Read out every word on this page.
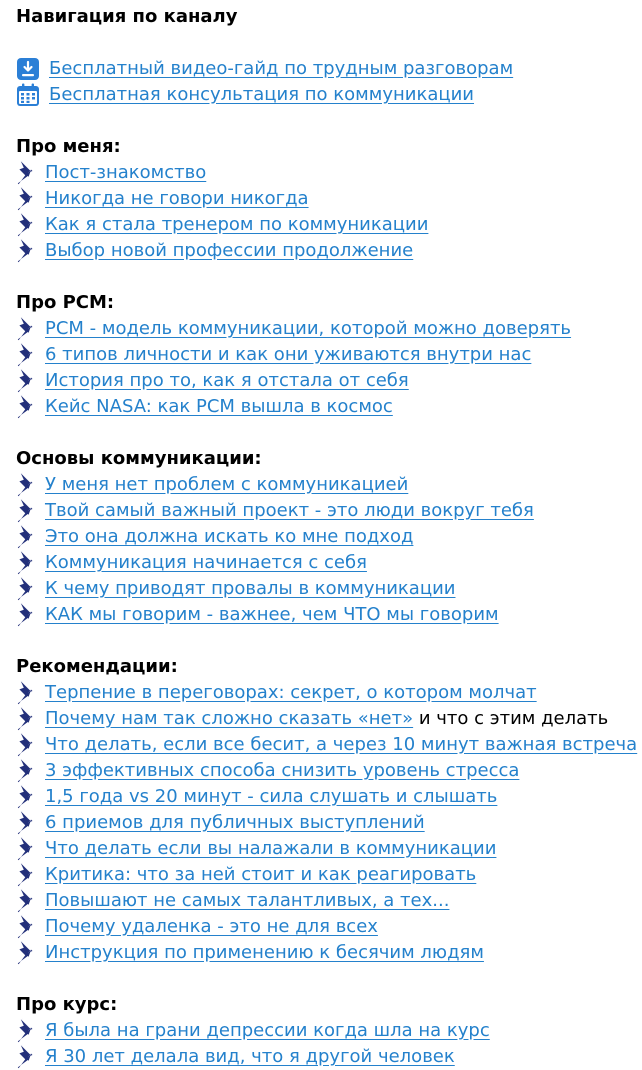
Навигация по каналу
Бесплатный видео-гайд по трудным разговорам
Бесплатная консультация по коммуникации
Про меня:
Пост-знакомство
Никогда не говори никогда
Как я стала тренером по коммуникации
Выбор новой профессии продолжение
Про PCM:
PCM - модель коммуникации, которой можно доверять
6 типов личности и как они уживаются внутри нас
История про то, как я отстала от себя
Кейс NASA: как PCM вышла в космос
Основы коммуникации:
У меня нет проблем с коммуникацией
Твой самый важный проект - это люди вокруг тебя
Это она должна искать ко мне подход
Коммуникация начинается с себя
К чему приводят провалы в коммуникации
КАК мы говорим - важнее, чем ЧТО мы говорим
Рекомендации:
Терпение в переговорах: секрет, о котором молчат
Почему нам так сложно сказать «нет» и что с этим делать
Что делать, если все бесит, а через 10 минут важная встреча
3 эффективных способа снизить уровень стресса
1,5 года vs 20 минут - сила слушать и слышать
6 приемов для публичных выступлений
Что делать если вы налажали в коммуникации
Критика: что за ней стоит и как реагировать
Повышают не самых талантливых, а тех...
Почему удаленка - это не для всех
Инструкция по применению к бесячим людям
Про курс:
Я была на грани депрессии когда шла на курс
Я 30 лет делала вид, что я другой человек
